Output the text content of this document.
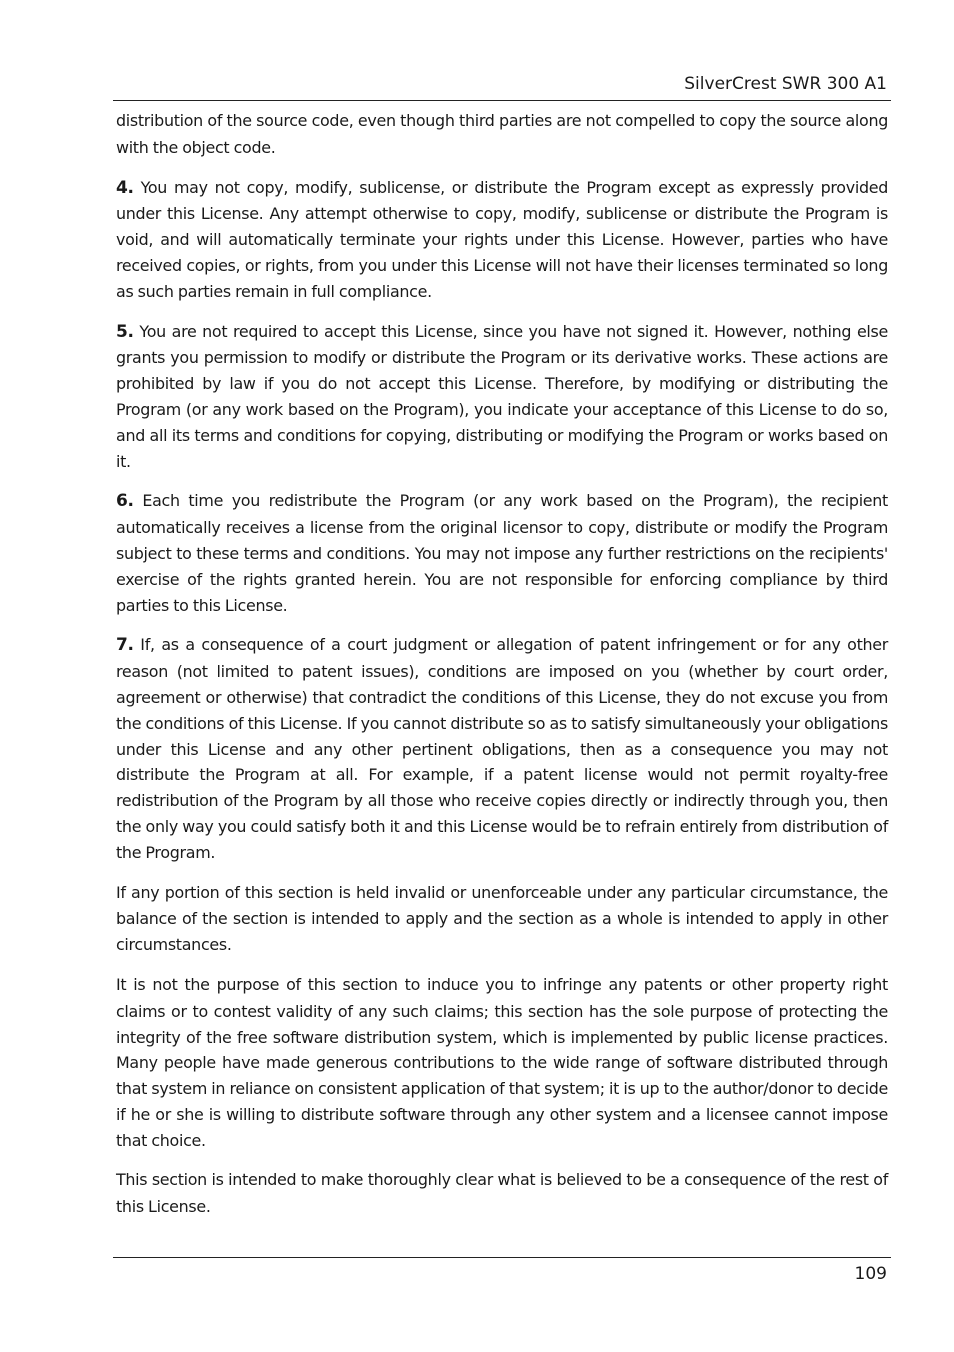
SilverCrest SWR 300 A1

distribution of the source code, even though third parties are not compelled to copy the source along with the object code.

4. You may not copy, modify, sublicense, or distribute the Program except as expressly provided under this License. Any attempt otherwise to copy, modify, sublicense or distribute the Program is void, and will automatically terminate your rights under this License. However, parties who have received copies, or rights, from you under this License will not have their licenses terminated so long as such parties remain in full compliance.

5. You are not required to accept this License, since you have not signed it. However, nothing else grants you permission to modify or distribute the Program or its derivative works. These actions are prohibited by law if you do not accept this License. Therefore, by modifying or distributing the Program (or any work based on the Program), you indicate your acceptance of this License to do so, and all its terms and conditions for copying, distributing or modifying the Program or works based on it.

6. Each time you redistribute the Program (or any work based on the Program), the recipient automatically receives a license from the original licensor to copy, distribute or modify the Program subject to these terms and conditions. You may not impose any further restrictions on the recipients' exercise of the rights granted herein. You are not responsible for enforcing compliance by third parties to this License.

7. If, as a consequence of a court judgment or allegation of patent infringement or for any other reason (not limited to patent issues), conditions are imposed on you (whether by court order, agreement or otherwise) that contradict the conditions of this License, they do not excuse you from the conditions of this License. If you cannot distribute so as to satisfy simultaneously your obligations under this License and any other pertinent obligations, then as a consequence you may not distribute the Program at all. For example, if a patent license would not permit royalty-free redistribution of the Program by all those who receive copies directly or indirectly through you, then the only way you could satisfy both it and this License would be to refrain entirely from distribution of the Program.

If any portion of this section is held invalid or unenforceable under any particular circumstance, the balance of the section is intended to apply and the section as a whole is intended to apply in other circumstances.

It is not the purpose of this section to induce you to infringe any patents or other property right claims or to contest validity of any such claims; this section has the sole purpose of protecting the integrity of the free software distribution system, which is implemented by public license practices. Many people have made generous contributions to the wide range of software distributed through that system in reliance on consistent application of that system; it is up to the author/donor to decide if he or she is willing to distribute software through any other system and a licensee cannot impose that choice.

This section is intended to make thoroughly clear what is believed to be a consequence of the rest of this License.

109
